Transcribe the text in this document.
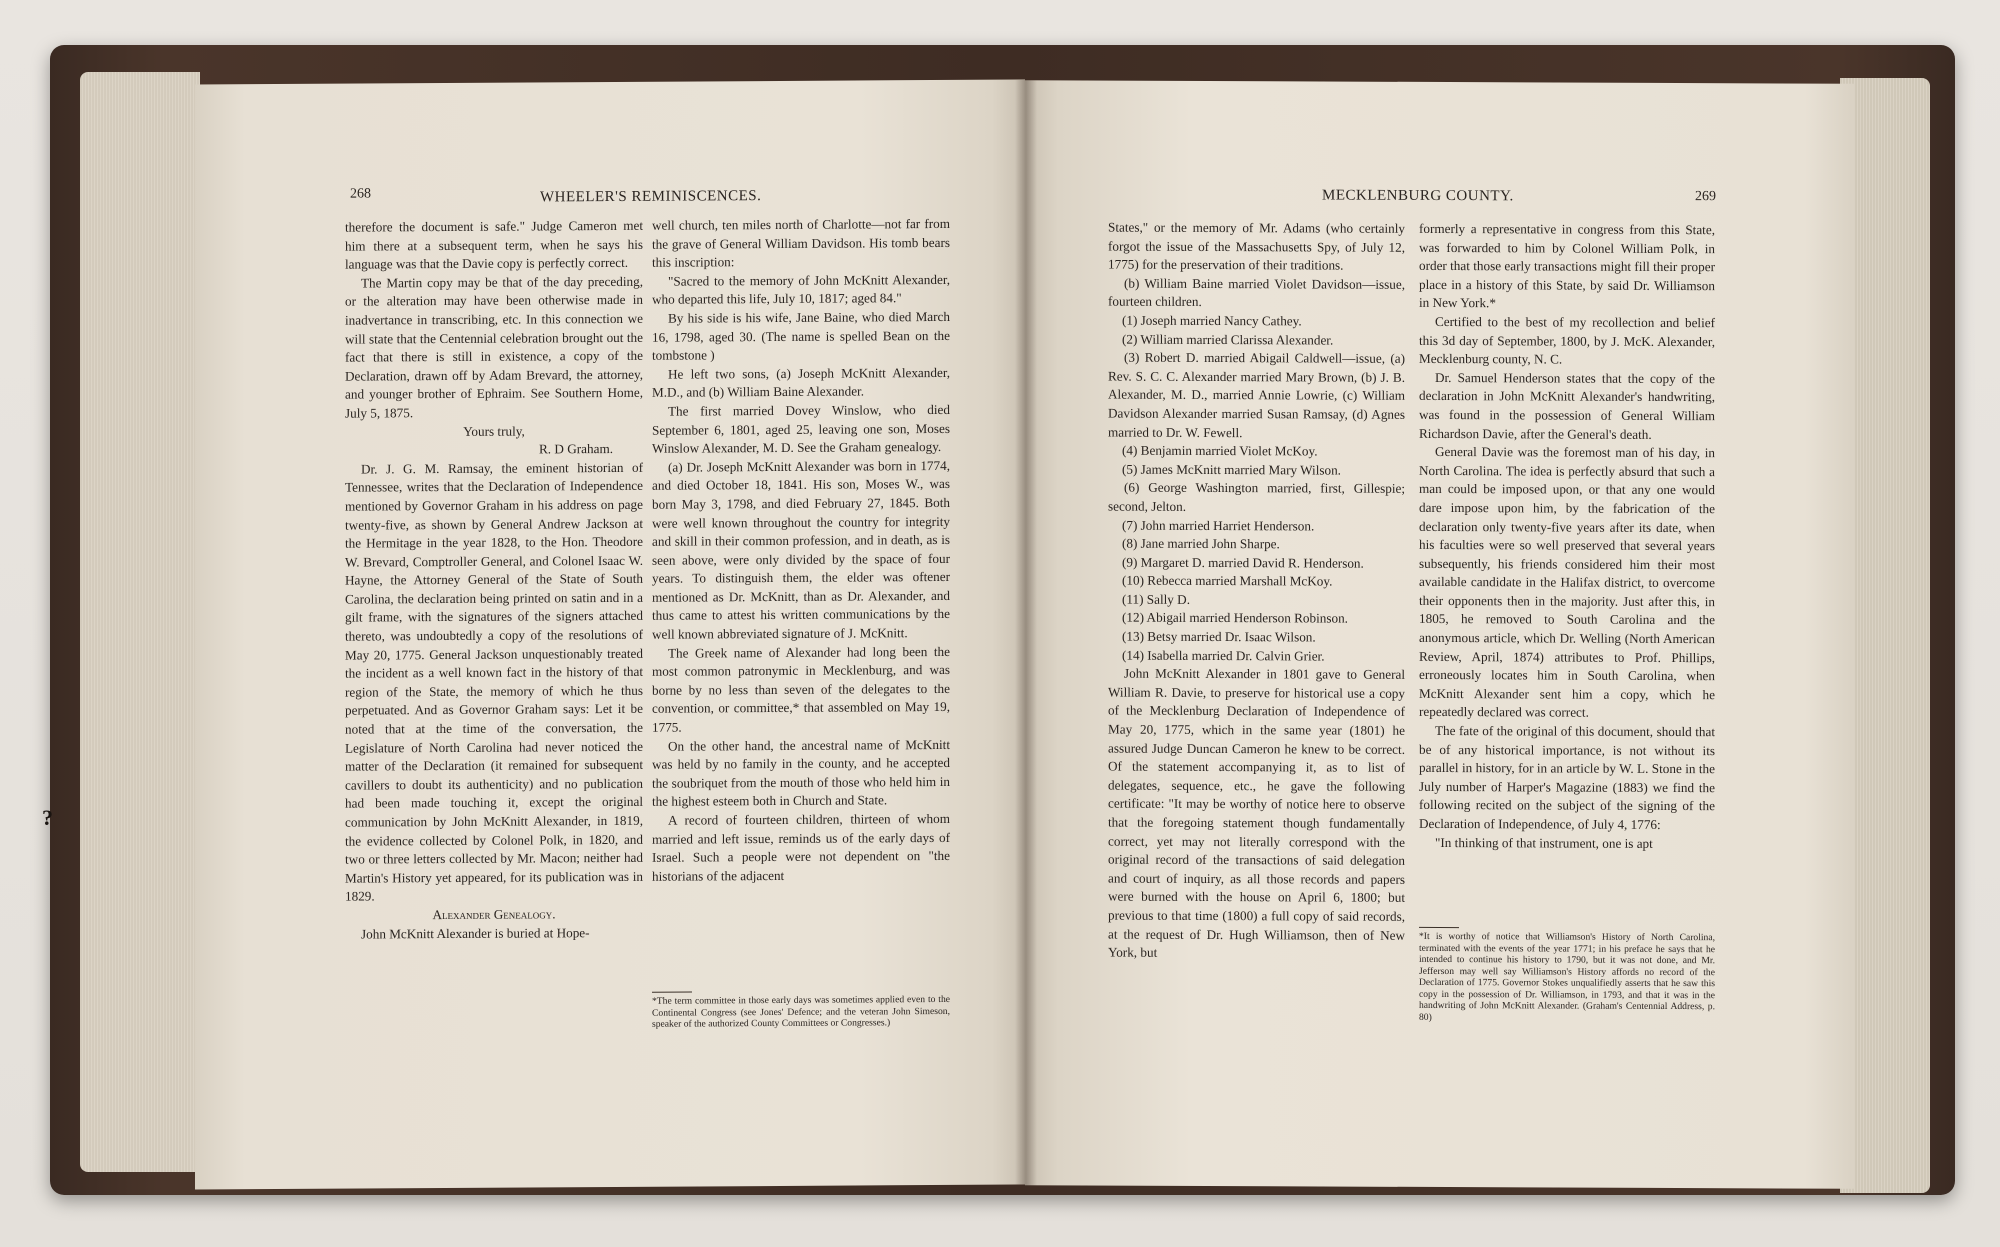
268	WHEELER'S REMINISCENCES.

therefore the document is safe." Judge Cameron met him there at a subsequent term, when he says his language was that the Davie copy is perfectly correct.

The Martin copy may be that of the day preceding, or the alteration may have been otherwise made in inadvertance in transcribing, etc. In this connection we will state that the Centennial celebration brought out the fact that there is still in existence, a copy of the Declaration, drawn off by Adam Brevard, the attorney, and younger brother of Ephraim. See Southern Home, July 5, 1875.

Yours truly,

R. D Graham.

Dr. J. G. M. Ramsay, the eminent historian of Tennessee, writes that the Declaration of Independence mentioned by Governor Graham in his address on page twenty-five, as shown by General Andrew Jackson at the Hermitage in the year 1828, to the Hon. Theodore W. Brevard, Comptroller General, and Colonel Isaac W. Hayne, the Attorney General of the State of South Carolina, the declaration being printed on satin and in a gilt frame, with the signatures of the signers attached thereto, was undoubtedly a copy of the resolutions of May 20, 1775. General Jackson unquestionably treated the incident as a well known fact in the history of that region of the State, the memory of which he thus perpetuated. And as Governor Graham says: Let it be noted that at the time of the conversation, the Legislature of North Carolina had never noticed the matter of the Declaration (it remained for subsequent cavillers to doubt its authenticity) and no publication had been made touching it, except the original communication by John McKnitt Alexander, in 1819, the evidence collected by Colonel Polk, in 1820, and two or three letters collected by Mr. Macon; neither had Martin's History yet appeared, for its publication was in 1829.

Alexander Genealogy.

John McKnitt Alexander is buried at Hope-

well church, ten miles north of Charlotte—not far from the grave of General William Davidson. His tomb bears this inscription:

"Sacred to the memory of John McKnitt Alexander, who departed this life, July 10, 1817; aged 84."

By his side is his wife, Jane Baine, who died March 16, 1798, aged 30. (The name is spelled Bean on the tombstone )

He left two sons, (a) Joseph McKnitt Alexander, M.D., and (b) William Baine Alexander.

The first married Dovey Winslow, who died September 6, 1801, aged 25, leaving one son, Moses Winslow Alexander, M. D. See the Graham genealogy.

(a) Dr. Joseph McKnitt Alexander was born in 1774, and died October 18, 1841. His son, Moses W., was born May 3, 1798, and died February 27, 1845. Both were well known throughout the country for integrity and skill in their common profession, and in death, as is seen above, were only divided by the space of four years. To distinguish them, the elder was oftener mentioned as Dr. McKnitt, than as Dr. Alexander, and thus came to attest his written communications by the well known abbreviated signature of J. McKnitt.

The Greek name of Alexander had long been the most common patronymic in Mecklenburg, and was borne by no less than seven of the delegates to the convention, or committee,* that assembled on May 19, 1775.

On the other hand, the ancestral name of McKnitt was held by no family in the county, and he accepted the soubriquet from the mouth of those who held him in the highest esteem both in Church and State.

A record of fourteen children, thirteen of whom married and left issue, reminds us of the early days of Israel. Such a people were not dependent on "the historians of the adjacent

*The term committee in those early days was sometimes applied even to the Continental Congress (see Jones' Defence; and the veteran John Simeson, speaker of the authorized County Committees or Congresses.)
MECKLENBURG COUNTY.	269

States," or the memory of Mr. Adams (who certainly forgot the issue of the Massachusetts Spy, of July 12, 1775) for the preservation of their traditions.

(b) William Baine married Violet Davidson—issue, fourteen children.

(1) Joseph married Nancy Cathey.

(2) William married Clarissa Alexander.

(3) Robert D. married Abigail Caldwell—issue, (a) Rev. S. C. C. Alexander married Mary Brown, (b) J. B. Alexander, M. D., married Annie Lowrie, (c) William Davidson Alexander married Susan Ramsay, (d) Agnes married to Dr. W. Fewell.

(4) Benjamin married Violet McKoy.

(5) James McKnitt married Mary Wilson.

(6) George Washington married, first, Gillespie; second, Jelton.

(7) John married Harriet Henderson.

(8) Jane married John Sharpe.

(9) Margaret D. married David R. Henderson.

(10) Rebecca married Marshall McKoy.

(11) Sally D.

(12) Abigail married Henderson Robinson.

(13) Betsy married Dr. Isaac Wilson.

(14) Isabella married Dr. Calvin Grier.

John McKnitt Alexander in 1801 gave to General William R. Davie, to preserve for historical use a copy of the Mecklenburg Declaration of Independence of May 20, 1775, which in the same year (1801) he assured Judge Duncan Cameron he knew to be correct. Of the statement accompanying it, as to list of delegates, sequence, etc., he gave the following certificate: "It may be worthy of notice here to observe that the foregoing statement though fundamentally correct, yet may not literally correspond with the original record of the transactions of said delegation and court of inquiry, as all those records and papers were burned with the house on April 6, 1800; but previous to that time (1800) a full copy of said records, at the request of Dr. Hugh Williamson, then of New York, but

formerly a representative in congress from this State, was forwarded to him by Colonel William Polk, in order that those early transactions might fill their proper place in a history of this State, by said Dr. Williamson in New York.*

Certified to the best of my recollection and belief this 3d day of September, 1800, by J. McK. Alexander, Mecklenburg county, N. C.

Dr. Samuel Henderson states that the copy of the declaration in John McKnitt Alexander's handwriting, was found in the possession of General William Richardson Davie, after the General's death.

General Davie was the foremost man of his day, in North Carolina. The idea is perfectly absurd that such a man could be imposed upon, or that any one would dare impose upon him, by the fabrication of the declaration only twenty-five years after its date, when his faculties were so well preserved that several years subsequently, his friends considered him their most available candidate in the Halifax district, to overcome their opponents then in the majority. Just after this, in 1805, he removed to South Carolina and the anonymous article, which Dr. Welling (North American Review, April, 1874) attributes to Prof. Phillips, erroneously locates him in South Carolina, when McKnitt Alexander sent him a copy, which he repeatedly declared was correct.

The fate of the original of this document, should that be of any historical importance, is not without its parallel in history, for in an article by W. L. Stone in the July number of Harper's Magazine (1883) we find the following recited on the subject of the signing of the Declaration of Independence, of July 4, 1776:

"In thinking of that instrument, one is apt

*It is worthy of notice that Williamson's History of North Carolina, terminated with the events of the year 1771; in his preface he says that he intended to continue his history to 1790, but it was not done, and Mr. Jefferson may well say Williamson's History affords no record of the Declaration of 1775. Governor Stokes unqualifiedly asserts that he saw this copy in the possession of Dr. Williamson, in 1793, and that it was in the handwriting of John McKnitt Alexander. (Graham's Centennial Address, p. 80)
?
